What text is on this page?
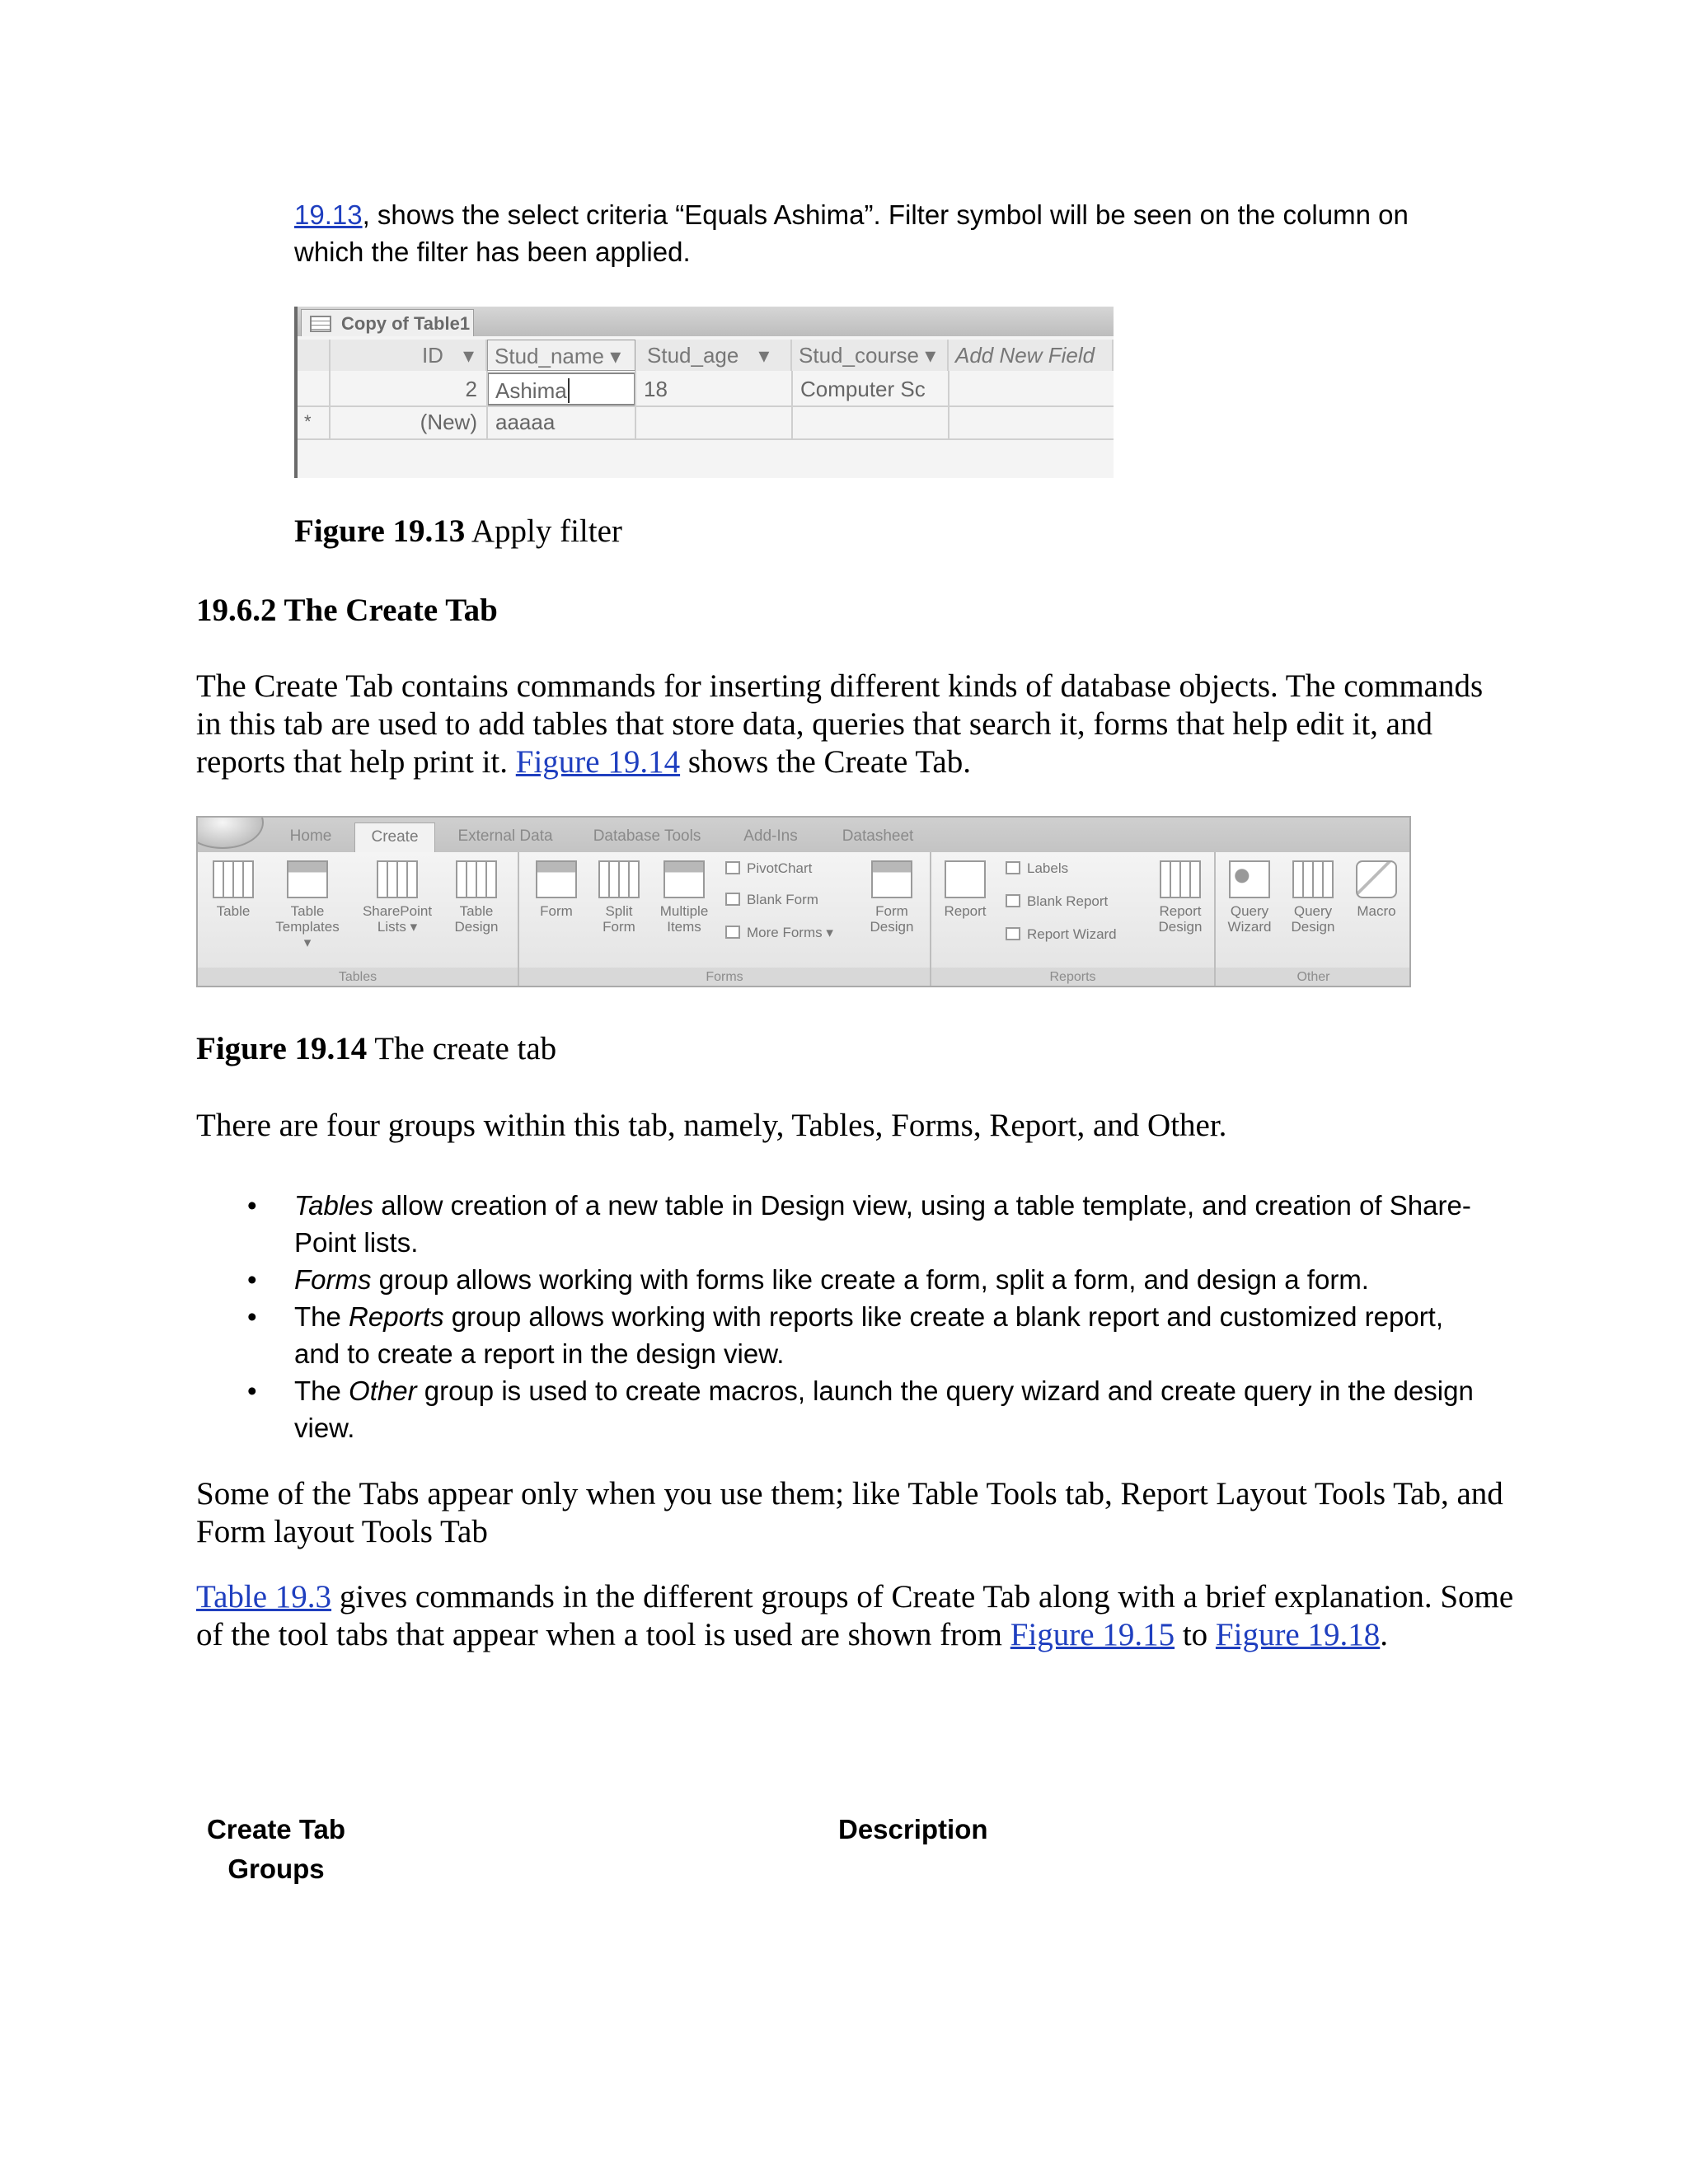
19.13, shows the select criteria “Equals Ashima”. Filter symbol will be seen on the column on which the filter has been applied.
Copy of Table1
ID ▾ Stud_name ▾	Stud_age ▾	Stud_course ▾ Add New Field
2 Ashima	18	Computer Sc
*	(New) aaaaa
Figure 19.13 Apply filter
19.6.2 The Create Tab
The Create Tab contains commands for inserting different kinds of database objects. The commands in this tab are used to add tables that store data, queries that search it, forms that help edit it, and reports that help print it. Figure 19.14 shows the Create Tab.
Home	Create	External Data	Database Tools	Add-Ins	Datasheet
Table	Table Templates ▾
SharePoint Lists ▾
Table Design
Tables
Form	Split Form
Multiple Items
PivotChart
Blank Form
More Forms ▾
Form Design
Forms
Report
Labels
Blank Report
Report Wizard
Report Design
Reports
Query Wizard
Query Design
Macro
Other
Figure 19.14 The create tab
There are four groups within this tab, namely, Tables, Forms, Report, and Other.
• Tables allow creation of a new table in Design view, using a table template, and creation of Share-Point lists.
• Forms group allows working with forms like create a form, split a form, and design a form.
• The Reports group allows working with reports like create a blank report and customized report, and to create a report in the design view.
• The Other group is used to create macros, launch the query wizard and create query in the design view.
Some of the Tabs appear only when you use them; like Table Tools tab, Report Layout Tools Tab, and Form layout Tools Tab
Table 19.3 gives commands in the different groups of Create Tab along with a brief explanation. Some of the tool tabs that appear when a tool is used are shown from Figure 19.15 to Figure 19.18.
Create Tab Groups
Description
